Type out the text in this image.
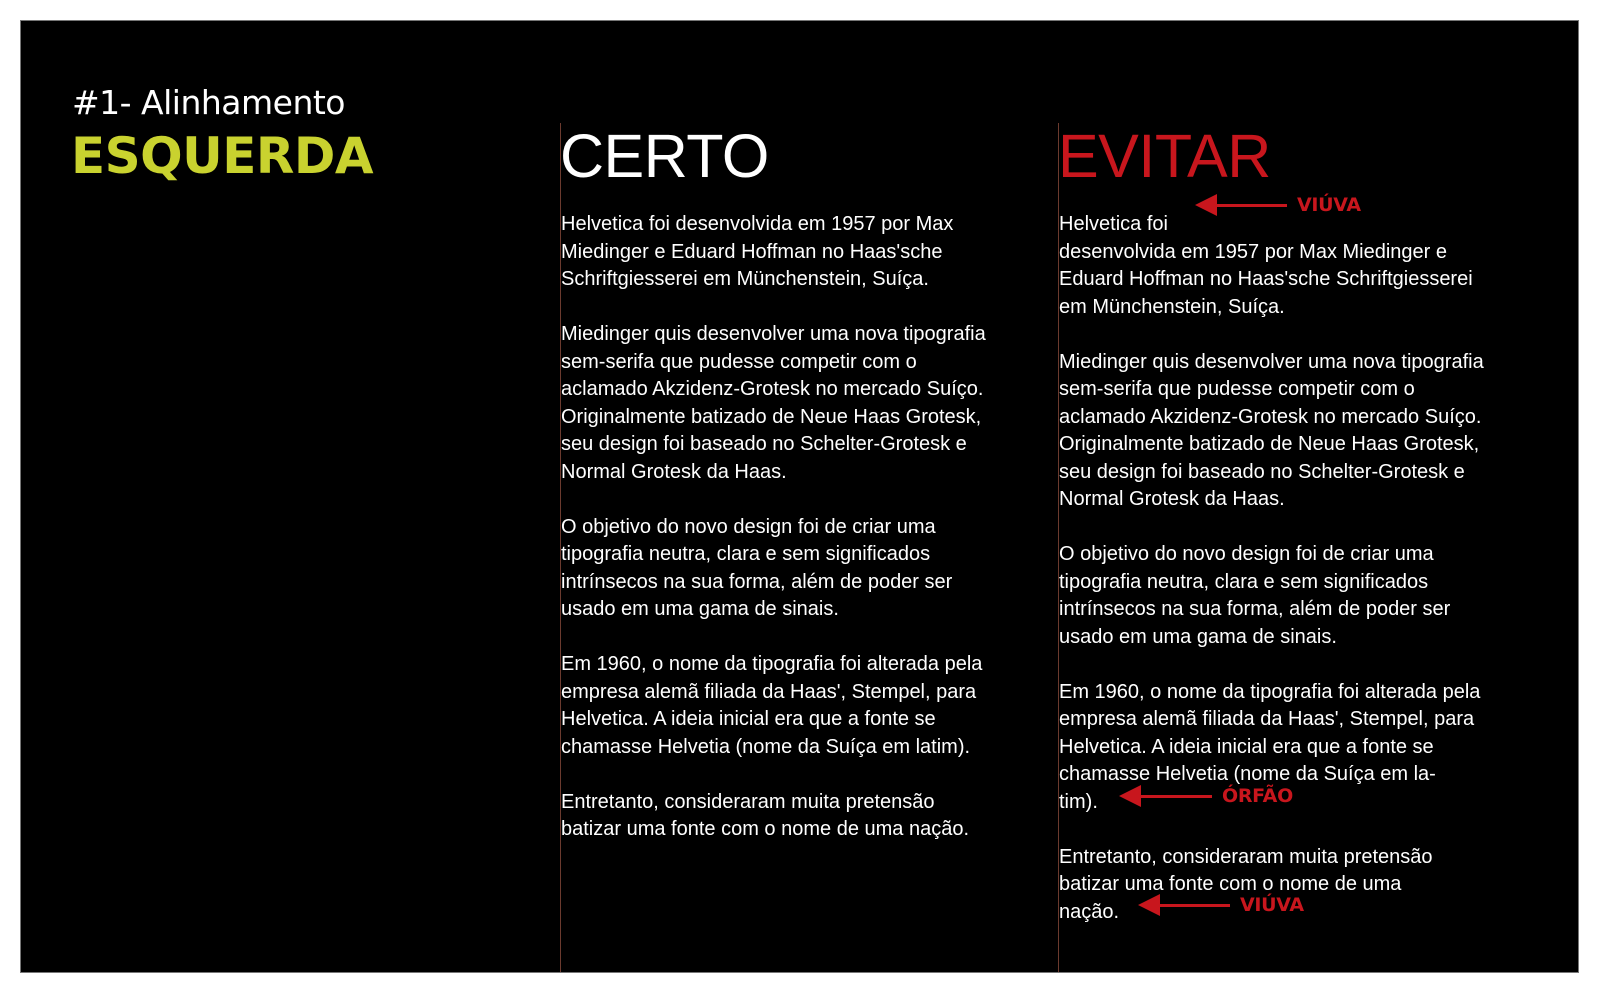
#1- Alinhamento
ESQUERDA	CERTO
Helvetica foi desenvolvida em 1957 por Max
Miedinger e Eduard Hoffman no Haas'sche
Schriftgiesserei em Münchenstein, Suíça.
Miedinger quis desenvolver uma nova tipografia
sem-serifa que pudesse competir com o
aclamado Akzidenz-Grotesk no mercado Suíço.
Originalmente batizado de Neue Haas Grotesk,
seu design foi baseado no Schelter-Grotesk e
Normal Grotesk da Haas.
O objetivo do novo design foi de criar uma
tipografia neutra, clara e sem significados
intrínsecos na sua forma, além de poder ser
usado em uma gama de sinais.
Em 1960, o nome da tipografia foi alterada pela
empresa alemã filiada da Haas', Stempel, para
Helvetica. A ideia inicial era que a fonte se
chamasse Helvetia (nome da Suíça em latim).
Entretanto, consideraram muita pretensão
batizar uma fonte com o nome de uma nação.
EVITAR
Helvetica foi
desenvolvida em 1957 por Max Miedinger e
Eduard Hoffman no Haas'sche Schriftgiesserei
em Münchenstein, Suíça.
Miedinger quis desenvolver uma nova tipografia
sem-serifa que pudesse competir com o
aclamado Akzidenz-Grotesk no mercado Suíço.
Originalmente batizado de Neue Haas Grotesk,
seu design foi baseado no Schelter-Grotesk e
Normal Grotesk da Haas.
O objetivo do novo design foi de criar uma
tipografia neutra, clara e sem significados
intrínsecos na sua forma, além de poder ser
usado em uma gama de sinais.
Em 1960, o nome da tipografia foi alterada pela
empresa alemã filiada da Haas', Stempel, para
Helvetica. A ideia inicial era que a fonte se
chamasse Helvetia (nome da Suíça em la-
tim).
Entretanto, consideraram muita pretensão
batizar uma fonte com o nome de uma
nação.
VIÚVA
ÓRFÃO
VIÚVA
